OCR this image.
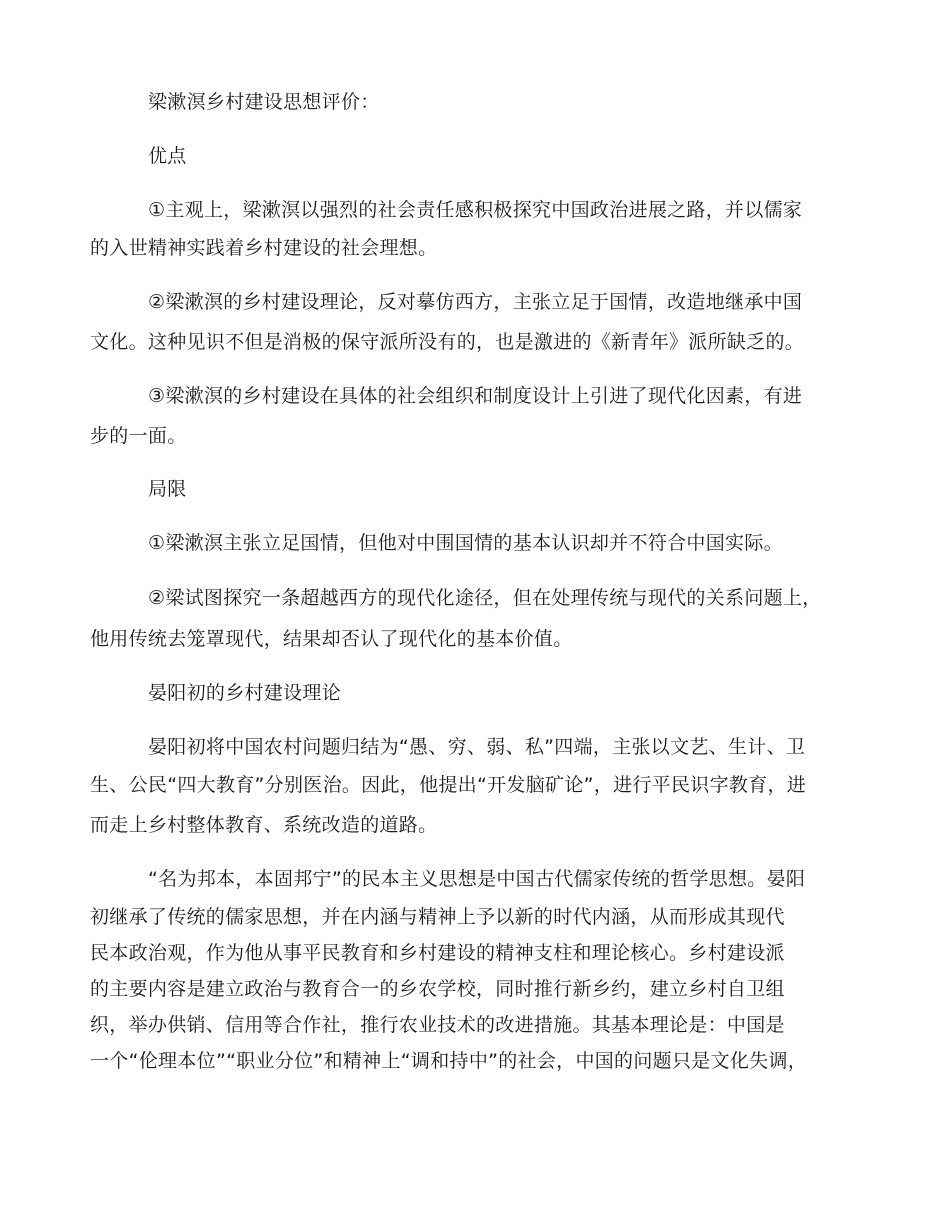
梁漱溟乡村建设思想评价：
优点
①主观上，梁漱溟以强烈的社会责任感积极探究中国政治进展之路，并以儒家
的入世精神实践着乡村建设的社会理想。
②梁漱溟的乡村建设理论，反对摹仿西方，主张立足于国情，改造地继承中国
文化。这种见识不但是消极的保守派所没有的，也是激进的《新青年》派所缺乏的。
③梁漱溟的乡村建设在具体的社会组织和制度设计上引进了现代化因素，有进
步的一面。
局限
①梁漱溟主张立足国情，但他对中围国情的基本认识却并不符合中国实际。
②梁试图探究一条超越西方的现代化途径，但在处理传统与现代的关系问题上，
他用传统去笼罩现代，结果却否认了现代化的基本价值。
晏阳初的乡村建设理论
晏阳初将中国农村问题归结为“愚、穷、弱、私”四端，主张以文艺、生计、卫
生、公民“四大教育”分别医治。因此，他提出“开发脑矿论”，进行平民识字教育，进
而走上乡村整体教育、系统改造的道路。
“名为邦本，本固邦宁”的民本主义思想是中国古代儒家传统的哲学思想。晏阳
初继承了传统的儒家思想，并在内涵与精神上予以新的时代内涵，从而形成其现代
民本政治观，作为他从事平民教育和乡村建设的精神支柱和理论核心。乡村建设派
的主要内容是建立政治与教育合一的乡农学校，同时推行新乡约，建立乡村自卫组
织，举办供销、信用等合作社，推行农业技术的改进措施。其基本理论是：中国是
一个“伦理本位”“职业分位”和精神上“调和持中”的社会，中国的问题只是文化失调，
